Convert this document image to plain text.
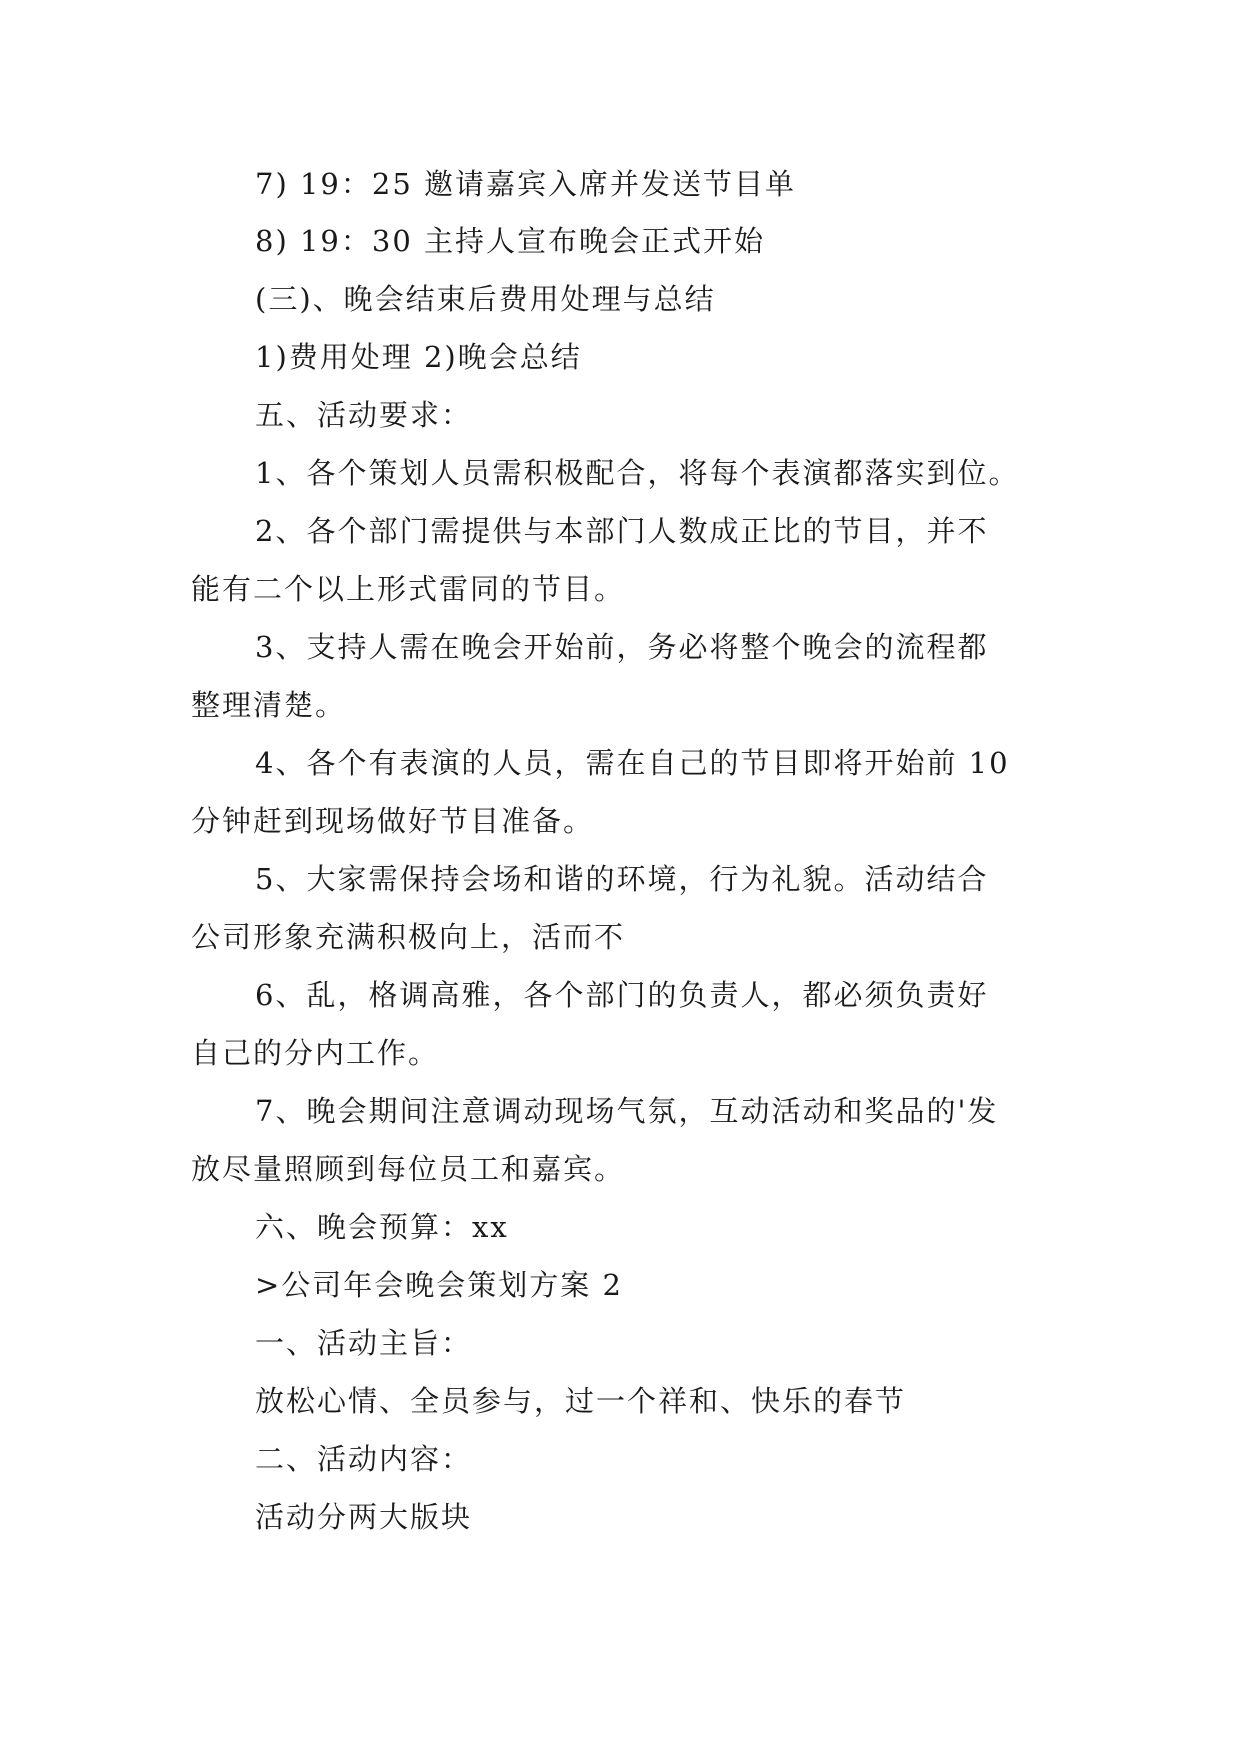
7) 19：25 邀请嘉宾入席并发送节目单
8) 19：30 主持人宣布晚会正式开始
(三)、晚会结束后费用处理与总结
1)费用处理 2)晚会总结
五、活动要求：
1、各个策划人员需积极配合，将每个表演都落实到位。
2、各个部门需提供与本部门人数成正比的节目，并不
能有二个以上形式雷同的节目。
3、支持人需在晚会开始前，务必将整个晚会的流程都
整理清楚。
4、各个有表演的人员，需在自己的节目即将开始前 10
分钟赶到现场做好节目准备。
5、大家需保持会场和谐的环境，行为礼貌。活动结合
公司形象充满积极向上，活而不
6、乱，格调高雅，各个部门的负责人，都必须负责好
自己的分内工作。
7、晚会期间注意调动现场气氛，互动活动和奖品的'发
放尽量照顾到每位员工和嘉宾。
六、晚会预算：xx
>公司年会晚会策划方案 2
一、活动主旨：
放松心情、全员参与，过一个祥和、快乐的春节
二、活动内容：
活动分两大版块
